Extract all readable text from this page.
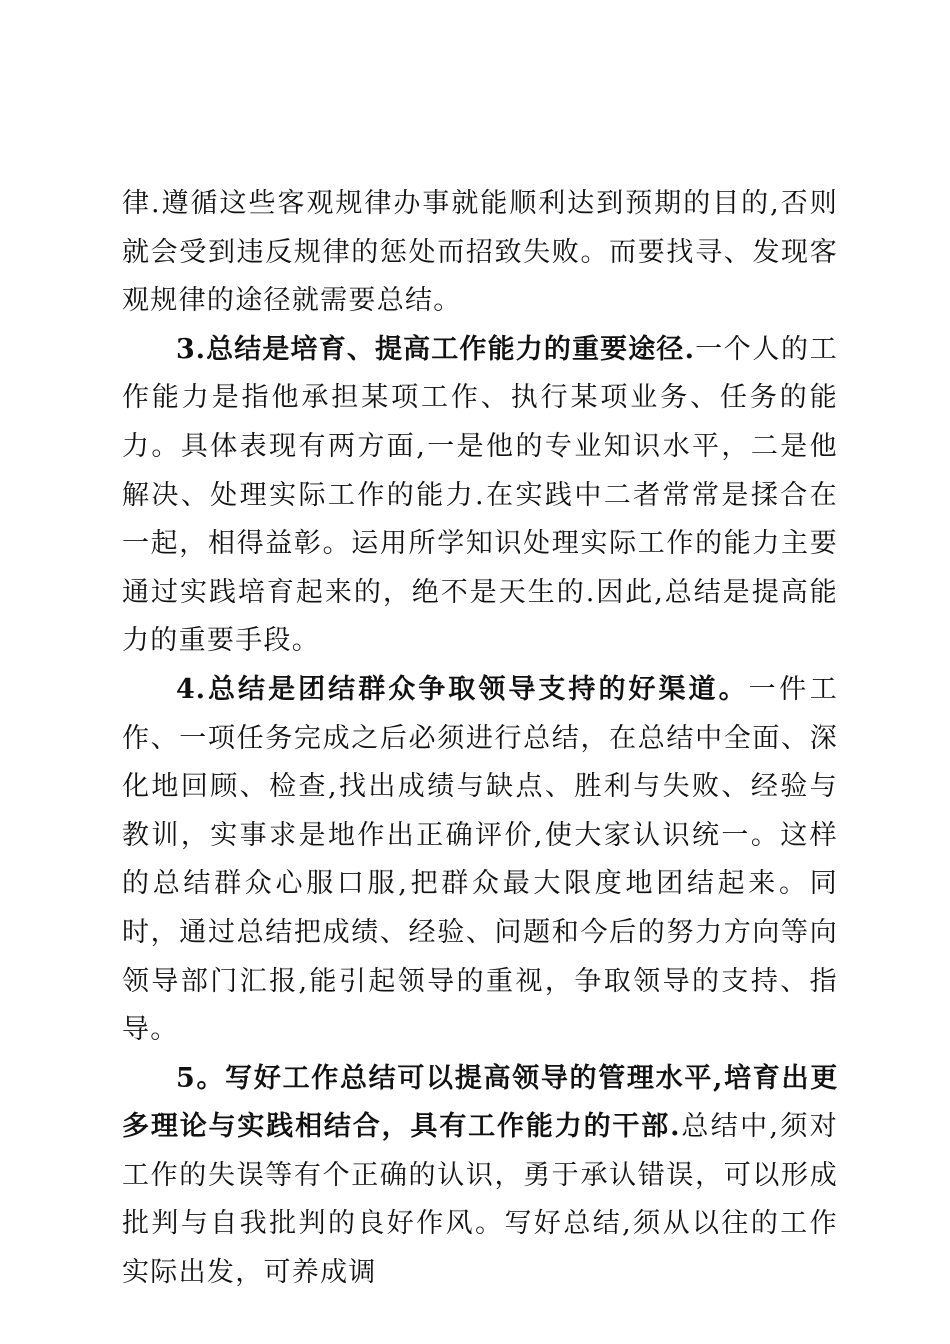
律.遵循这些客观规律办事就能顺利达到预期的目的,否则就会受到违反规律的惩处而招致失败。而要找寻、发现客观规律的途径就需要总结。

3.总结是培育、提高工作能力的重要途径.一个人的工作能力是指他承担某项工作、执行某项业务、任务的能力。具体表现有两方面,一是他的专业知识水平，二是他解决、处理实际工作的能力.在实践中二者常常是揉合在一起，相得益彰。运用所学知识处理实际工作的能力主要通过实践培育起来的，绝不是天生的.因此,总结是提高能力的重要手段。

4.总结是团结群众争取领导支持的好渠道。一件工作、一项任务完成之后必须进行总结，在总结中全面、深化地回顾、检查,找出成绩与缺点、胜利与失败、经验与教训，实事求是地作出正确评价,使大家认识统一。这样的总结群众心服口服,把群众最大限度地团结起来。同时，通过总结把成绩、经验、问题和今后的努力方向等向领导部门汇报,能引起领导的重视，争取领导的支持、指导。

5。写好工作总结可以提高领导的管理水平,培育出更多理论与实践相结合，具有工作能力的干部.总结中,须对工作的失误等有个正确的认识，勇于承认错误，可以形成批判与自我批判的良好作风。写好总结,须从以往的工作实际出发，可养成调
